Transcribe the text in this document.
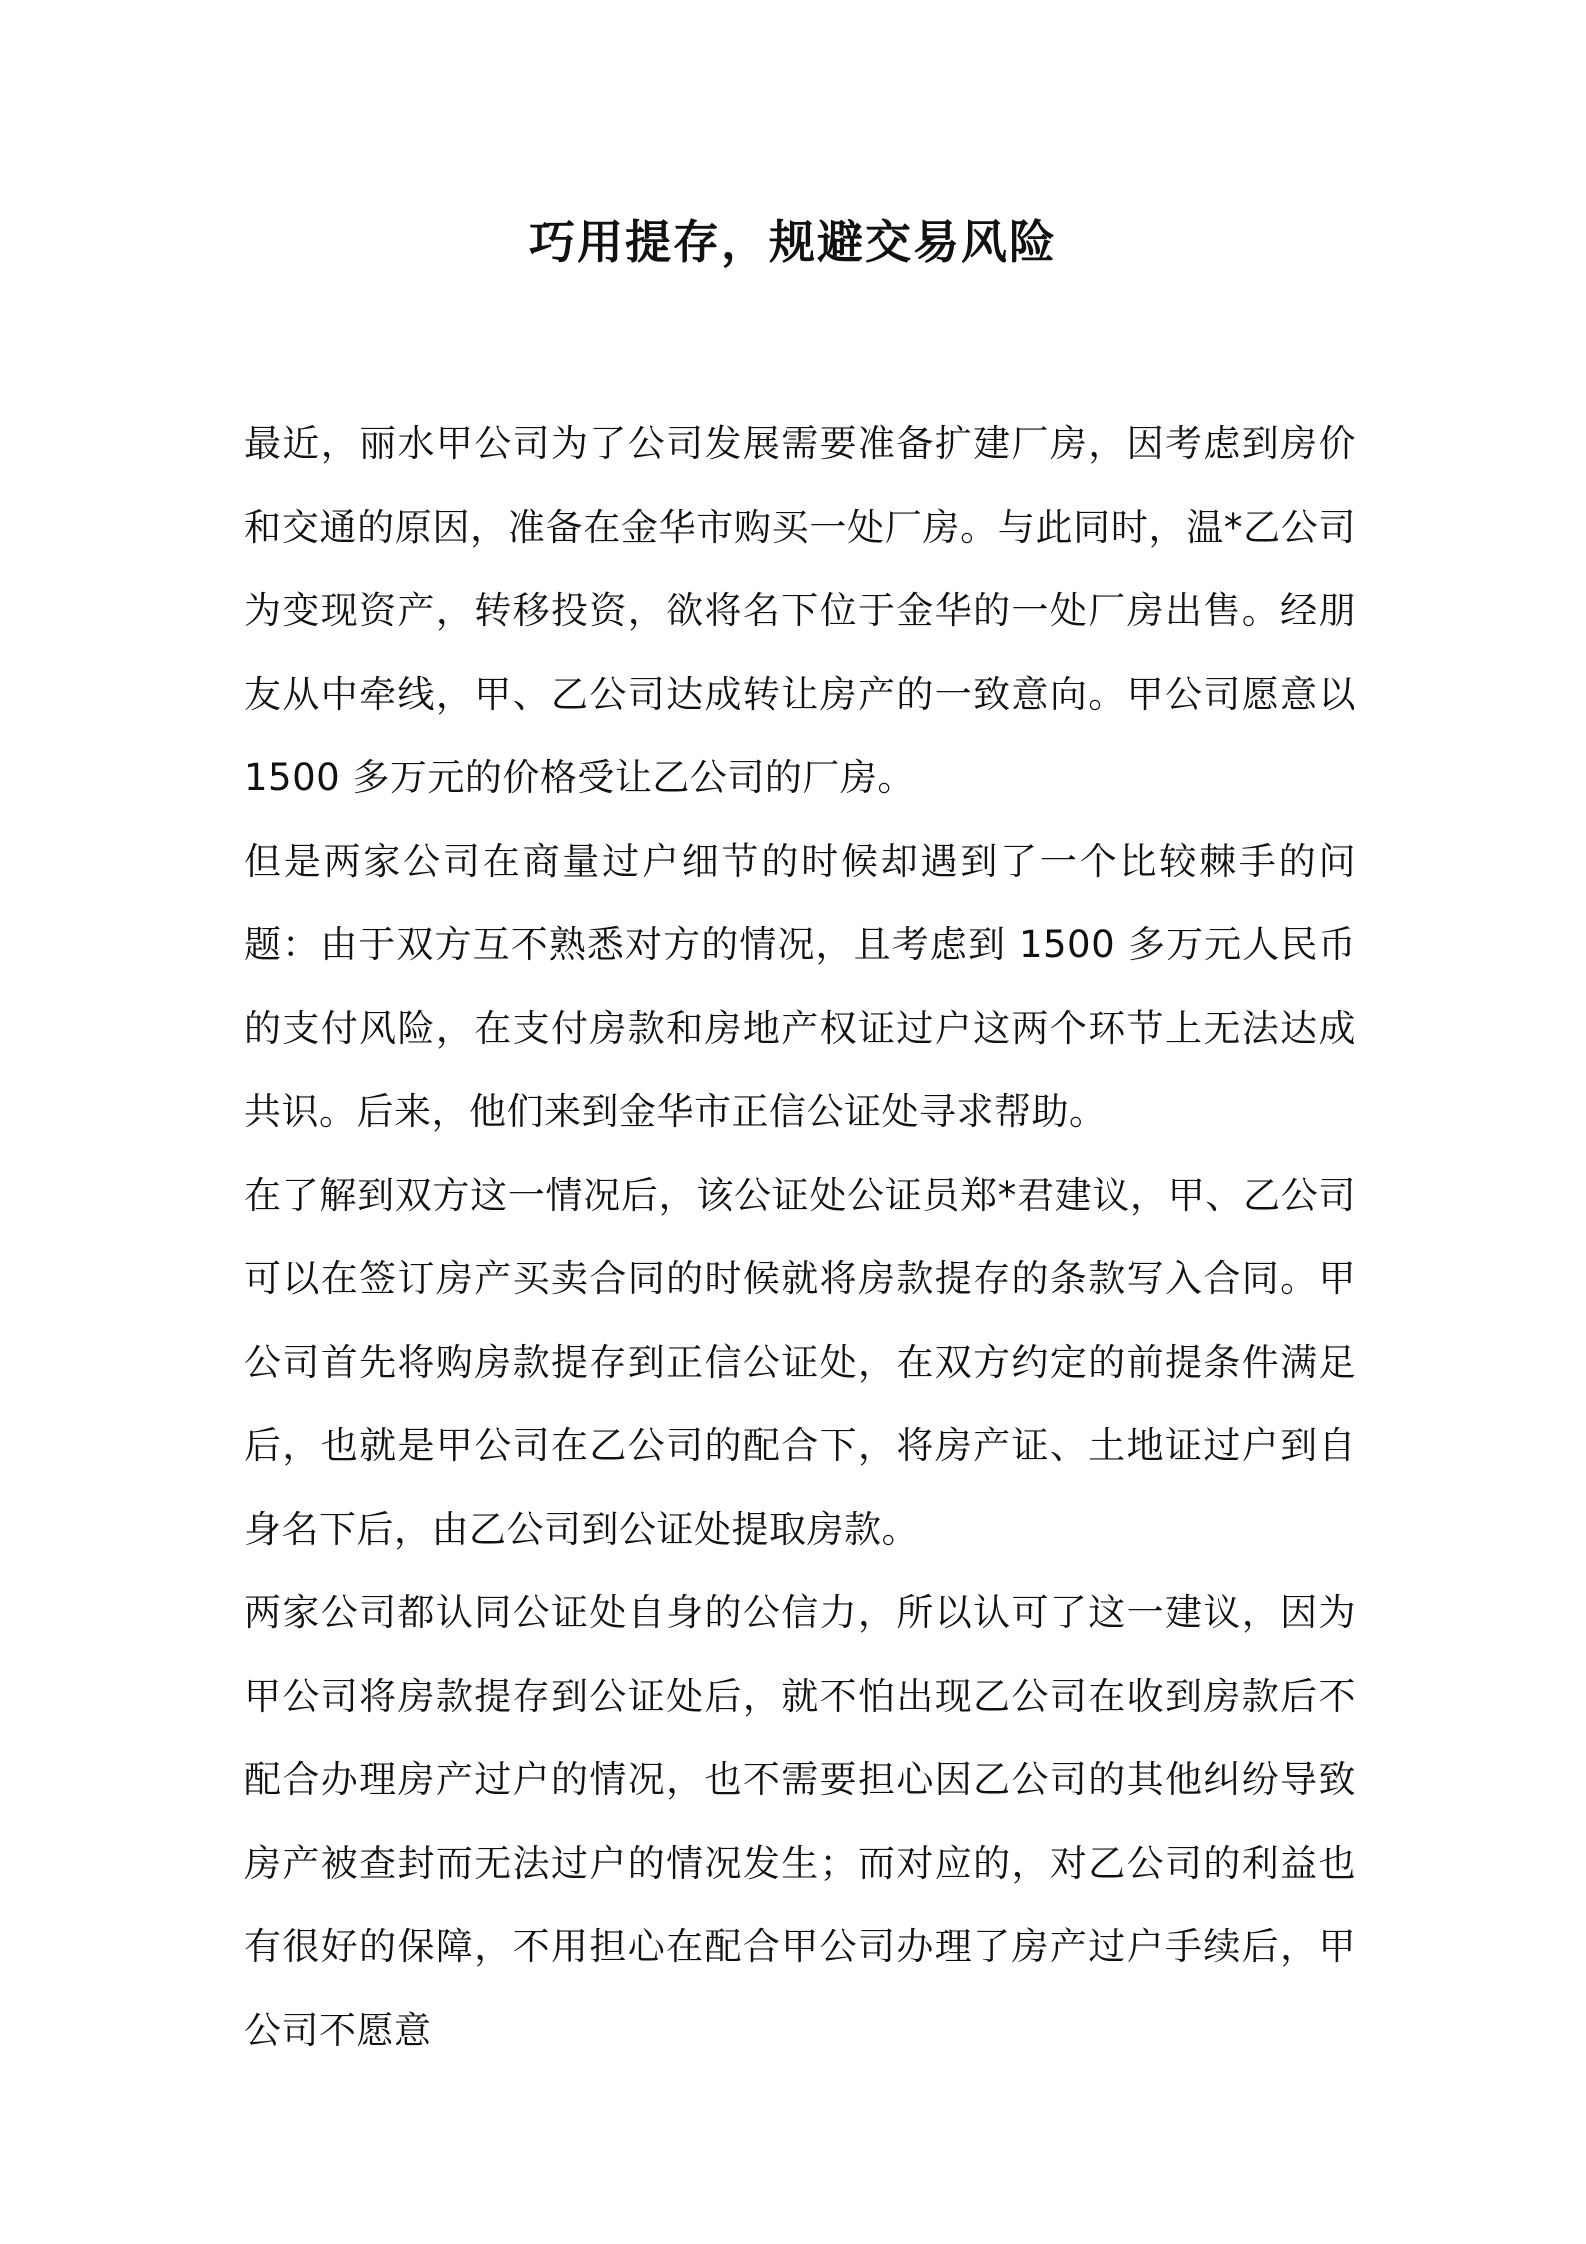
巧用提存，规避交易风险

最近，丽水甲公司为了公司发展需要准备扩建厂房，因考虑到房价和交通的原因，准备在金华市购买一处厂房。与此同时，温*乙公司为变现资产，转移投资，欲将名下位于金华的一处厂房出售。经朋友从中牵线，甲、乙公司达成转让房产的一致意向。甲公司愿意以 1500 多万元的价格受让乙公司的厂房。

但是两家公司在商量过户细节的时候却遇到了一个比较棘手的问题：由于双方互不熟悉对方的情况，且考虑到 1500 多万元人民币的支付风险，在支付房款和房地产权证过户这两个环节上无法达成共识。后来，他们来到金华市正信公证处寻求帮助。

在了解到双方这一情况后，该公证处公证员郑*君建议，甲、乙公司可以在签订房产买卖合同的时候就将房款提存的条款写入合同。甲公司首先将购房款提存到正信公证处，在双方约定的前提条件满足后，也就是甲公司在乙公司的配合下，将房产证、土地证过户到自身名下后，由乙公司到公证处提取房款。

两家公司都认同公证处自身的公信力，所以认可了这一建议，因为甲公司将房款提存到公证处后，就不怕出现乙公司在收到房款后不配合办理房产过户的情况，也不需要担心因乙公司的其他纠纷导致房产被查封而无法过户的情况发生；而对应的，对乙公司的利益也有很好的保障，不用担心在配合甲公司办理了房产过户手续后，甲公司不愿意
